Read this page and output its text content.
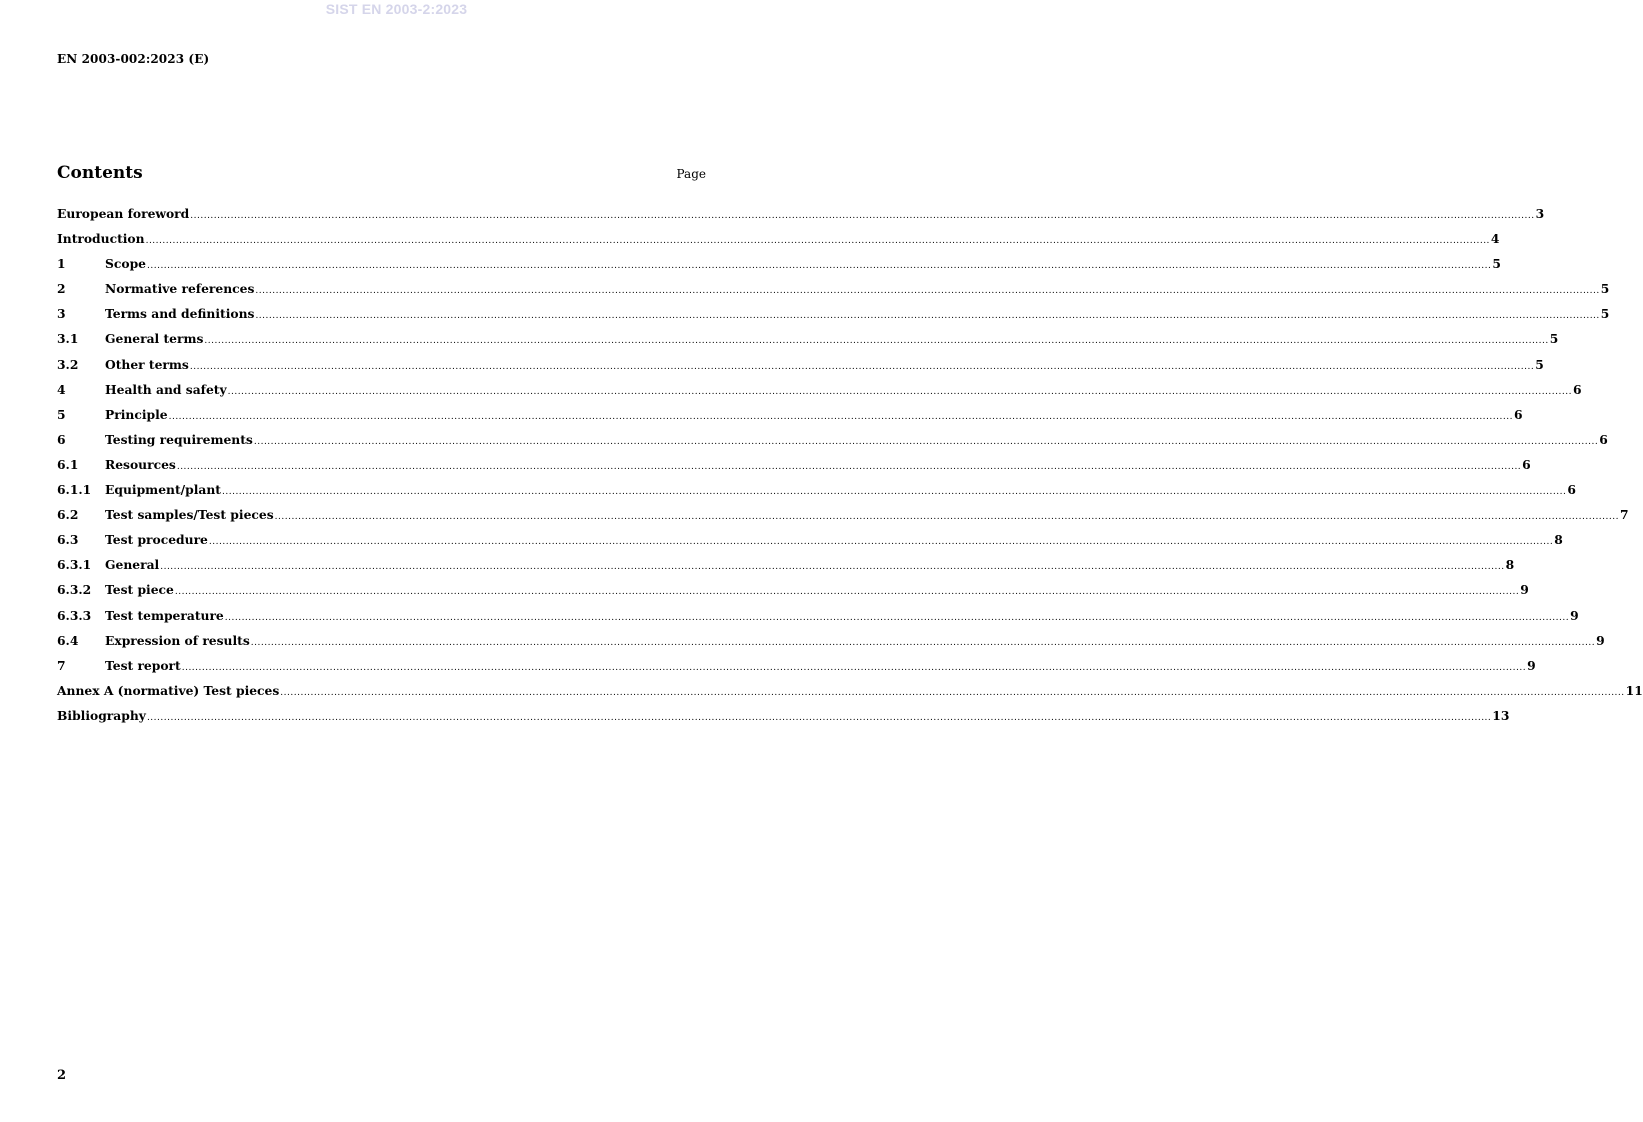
SIST EN 2003-2:2023
EN 2003-002:2023 (E)
Contents	Page
European foreword ................................................................................................................................................................................................................................................................................................................................................................................................................ 3
Introduction ................................................................................................................................................................................................................................................................................................................................................................................................................ 4
1	Scope ................................................................................................................................................................................................................................................................................................................................................................................................................ 5
2	Normative references ................................................................................................................................................................................................................................................................................................................................................................................................................ 5
3	Terms and definitions ................................................................................................................................................................................................................................................................................................................................................................................................................ 5
3.1	General terms ................................................................................................................................................................................................................................................................................................................................................................................................................ 5
3.2	Other terms ................................................................................................................................................................................................................................................................................................................................................................................................................ 5
4	Health and safety ................................................................................................................................................................................................................................................................................................................................................................................................................ 6
5	Principle ................................................................................................................................................................................................................................................................................................................................................................................................................ 6
6	Testing requirements ................................................................................................................................................................................................................................................................................................................................................................................................................ 6
6.1	Resources ................................................................................................................................................................................................................................................................................................................................................................................................................ 6
6.1.1	Equipment/plant ................................................................................................................................................................................................................................................................................................................................................................................................................ 6
6.2	Test samples/Test pieces ................................................................................................................................................................................................................................................................................................................................................................................................................ 7
6.3	Test procedure ................................................................................................................................................................................................................................................................................................................................................................................................................ 8
6.3.1	General ................................................................................................................................................................................................................................................................................................................................................................................................................ 8
6.3.2	Test piece ................................................................................................................................................................................................................................................................................................................................................................................................................ 9
6.3.3	Test temperature ................................................................................................................................................................................................................................................................................................................................................................................................................ 9
6.4	Expression of results ................................................................................................................................................................................................................................................................................................................................................................................................................ 9
7	Test report ................................................................................................................................................................................................................................................................................................................................................................................................................ 9
Annex A (normative) Test pieces ................................................................................................................................................................................................................................................................................................................................................................................................................ 11
Bibliography ................................................................................................................................................................................................................................................................................................................................................................................................................ 13
2
